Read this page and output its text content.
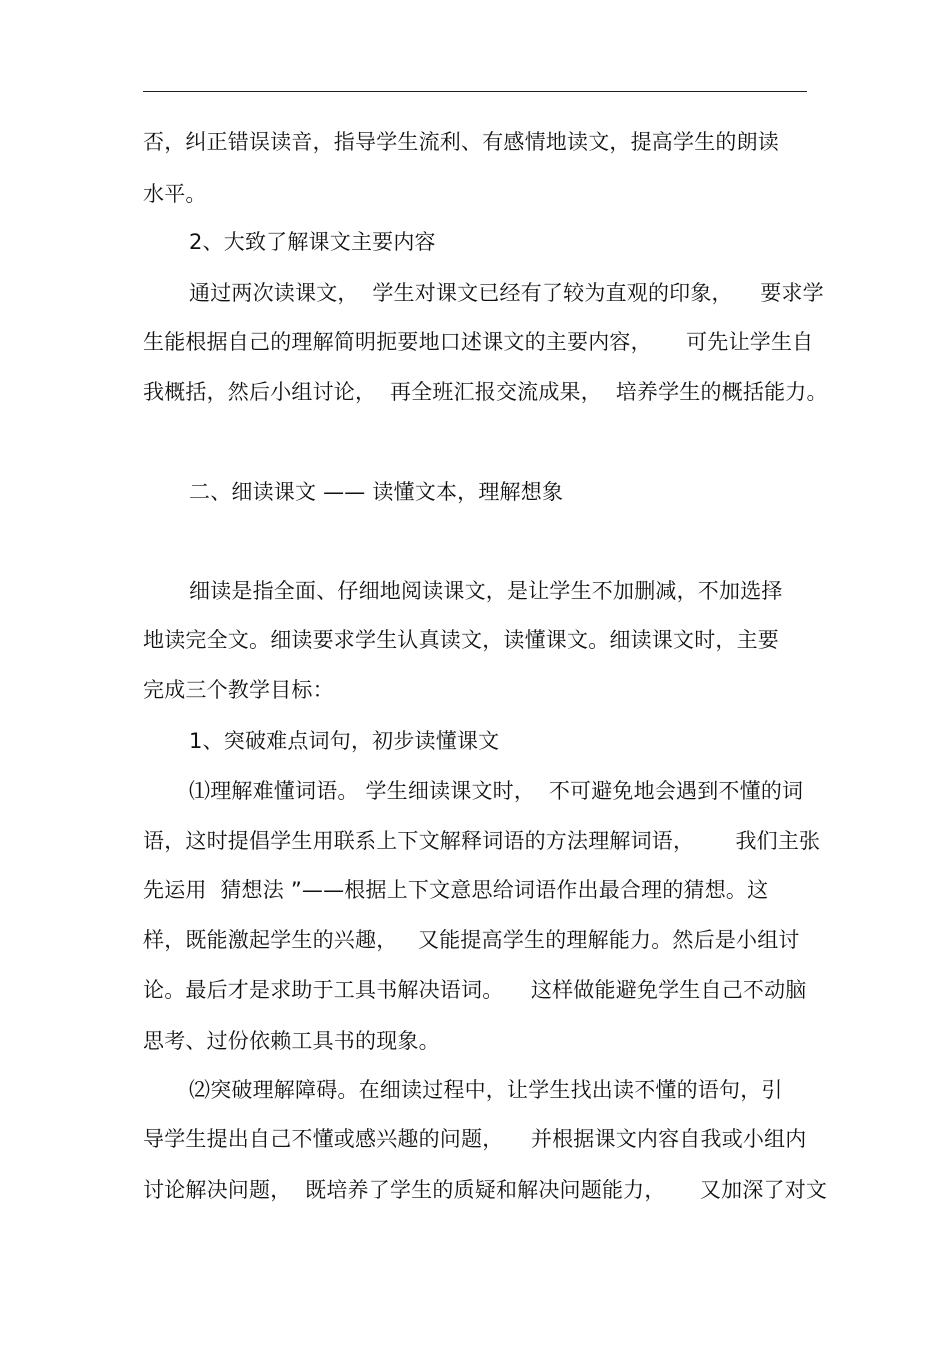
否，纠正错误读音，指导学生流利、有感情地读文，提高学生的朗读
水平。
2、大致了解课文主要内容
通过两次读课文，  学生对课文已经有了较为直观的印象，    要求学
生能根据自己的理解简明扼要地口述课文的主要内容，     可先让学生自
我概括，然后小组讨论，  再全班汇报交流成果，  培养学生的概括能力。
二、细读课文 —— 读懂文本，理解想象
细读是指全面、仔细地阅读课文，是让学生不加删减，不加选择
地读完全文。细读要求学生认真读文，读懂课文。细读课文时，主要
完成三个教学目标：
1、突破难点词句，初步读懂课文
⑴理解难懂词语。 学生细读课文时，  不可避免地会遇到不懂的词
语，这时提倡学生用联系上下文解释词语的方法理解词语，      我们主张
先运用  猜想法 ”——根据上下文意思给词语作出最合理的猜想。这
样，既能激起学生的兴趣，   又能提高学生的理解能力。然后是小组讨
论。最后才是求助于工具书解决语词。    这样做能避免学生自己不动脑
思考、过份依赖工具书的现象。
⑵突破理解障碍。在细读过程中，让学生找出读不懂的语句，引
导学生提出自己不懂或感兴趣的问题，    并根据课文内容自我或小组内
讨论解决问题，  既培养了学生的质疑和解决问题能力，     又加深了对文
